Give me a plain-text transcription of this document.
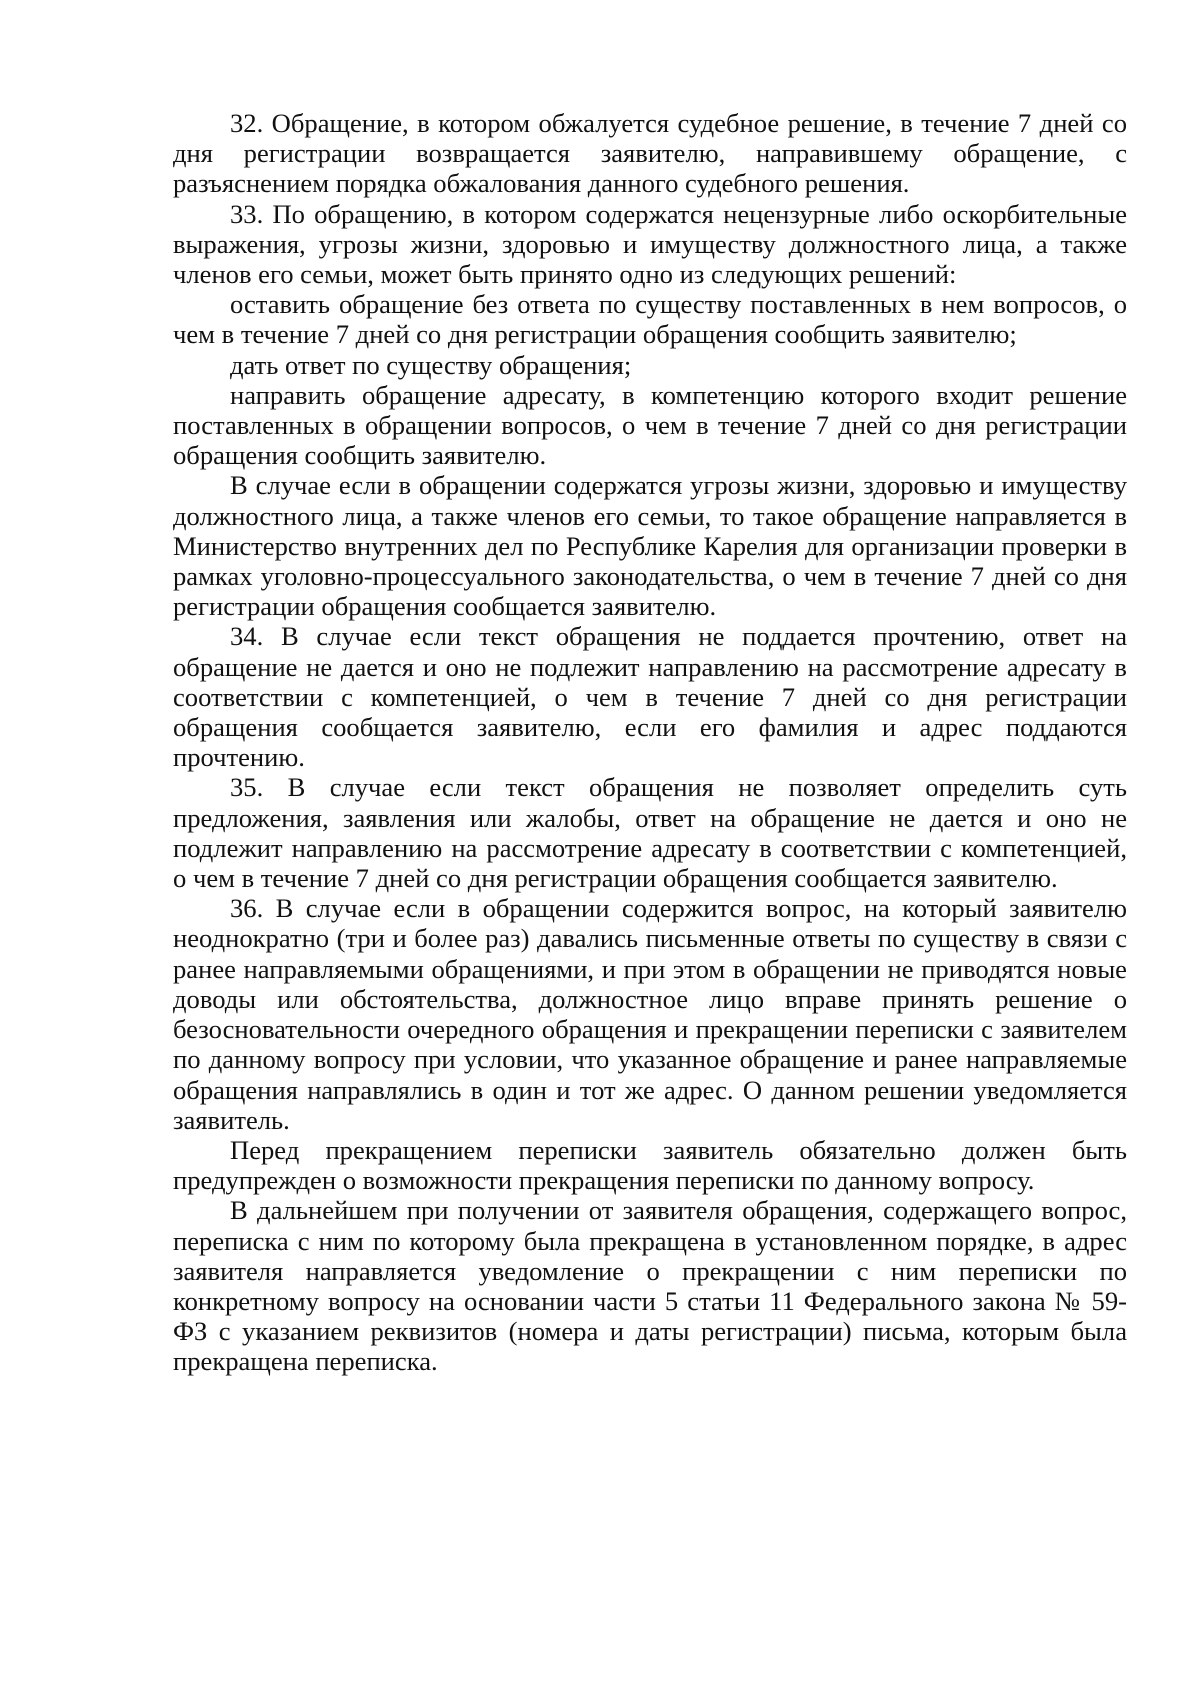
32. Обращение, в котором обжалуется судебное решение, в течение 7 дней со дня регистрации возвращается заявителю, направившему обращение, с разъяснением порядка обжалования данного судебного решения.

33. По обращению, в котором содержатся нецензурные либо оскорбительные выражения, угрозы жизни, здоровью и имуществу должностного лица, а также членов его семьи, может быть принято одно из следующих решений:

оставить обращение без ответа по существу поставленных в нем вопросов, о чем в течение 7 дней со дня регистрации обращения сообщить заявителю;

дать ответ по существу обращения;

направить обращение адресату, в компетенцию которого входит решение поставленных в обращении вопросов, о чем в течение 7 дней со дня регистрации обращения сообщить заявителю.

В случае если в обращении содержатся угрозы жизни, здоровью и имуществу должностного лица, а также членов его семьи, то такое обращение направляется в Министерство внутренних дел по Республике Карелия для организации проверки в рамках уголовно-процессуального законодательства, о чем в течение 7 дней со дня регистрации обращения сообщается заявителю.

34. В случае если текст обращения не поддается прочтению, ответ на обращение не дается и оно не подлежит направлению на рассмотрение адресату в соответствии с компетенцией, о чем в течение 7 дней со дня регистрации обращения сообщается заявителю, если его фамилия и адрес поддаются прочтению.

35. В случае если текст обращения не позволяет определить суть предложения, заявления или жалобы, ответ на обращение не дается и оно не подлежит направлению на рассмотрение адресату в соответствии с компетенцией, о чем в течение 7 дней со дня регистрации обращения сообщается заявителю.

36. В случае если в обращении содержится вопрос, на который заявителю неоднократно (три и более раз) давались письменные ответы по существу в связи с ранее направляемыми обращениями, и при этом в обращении не приводятся новые доводы или обстоятельства, должностное лицо вправе принять решение о безосновательности очередного обращения и прекращении переписки с заявителем по данному вопросу при условии, что указанное обращение и ранее направляемые обращения направлялись в один и тот же адрес. О данном решении уведомляется заявитель.

Перед прекращением переписки заявитель обязательно должен быть предупрежден о возможности прекращения переписки по данному вопросу.

В дальнейшем при получении от заявителя обращения, содержащего вопрос, переписка с ним по которому была прекращена в установленном порядке, в адрес заявителя направляется уведомление о прекращении с ним переписки по конкретному вопросу на основании части 5 статьи 11 Федерального закона № 59-ФЗ с указанием реквизитов (номера и даты регистрации) письма, которым была прекращена переписка.
